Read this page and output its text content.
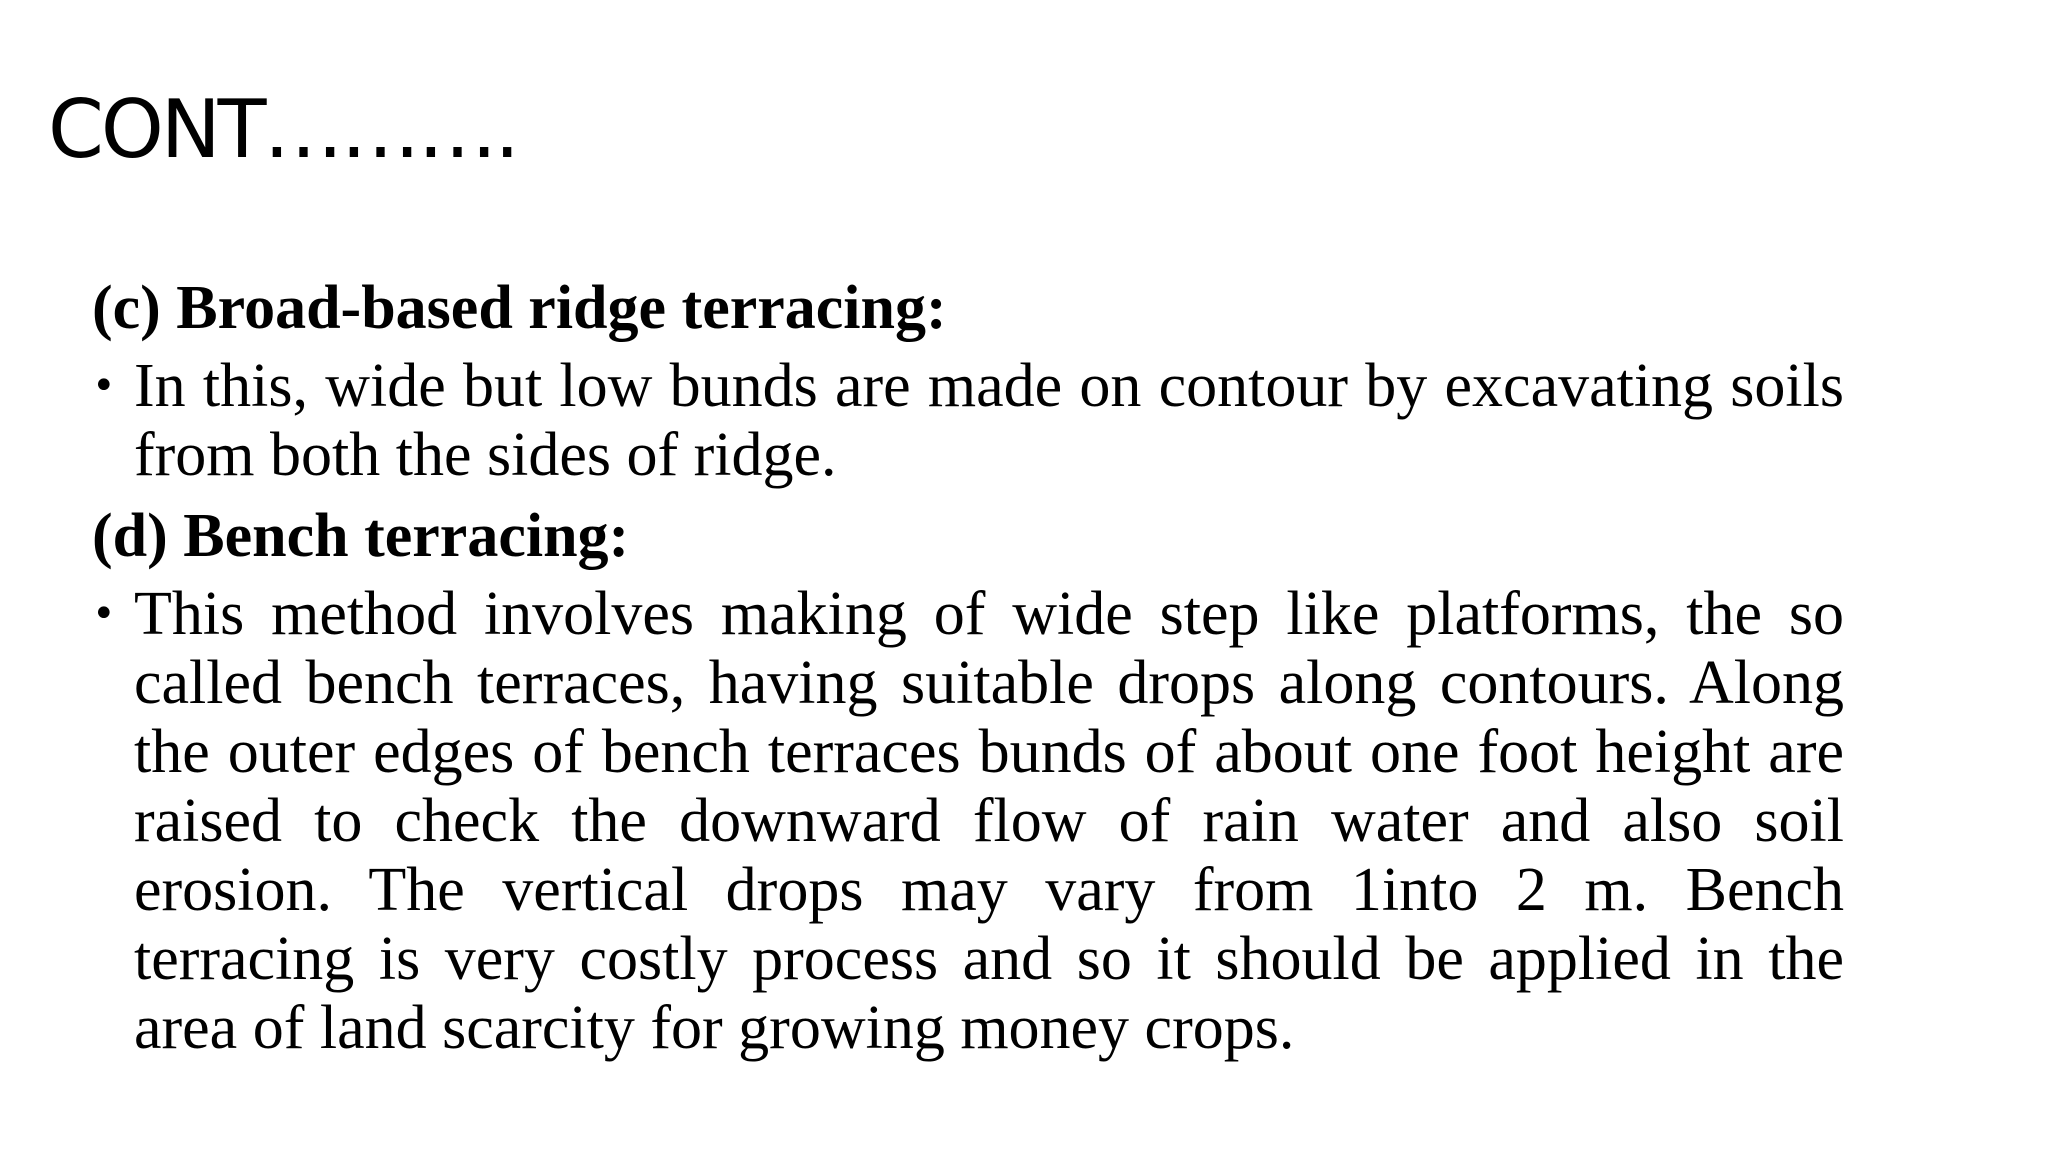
CONT……….

(c) Broad-based ridge terracing:

• In this, wide but low bunds are made on contour by excavating soils from both the sides of ridge.

(d) Bench terracing:

• This method involves making of wide step like platforms, the so called bench terraces, having suitable drops along contours. Along the outer edges of bench terraces bunds of about one foot height are raised to check the downward flow of rain water and also soil erosion. The vertical drops may vary from 1into 2 m. Bench terracing is very costly process and so it should be applied in the area of land scarcity for growing money crops.
